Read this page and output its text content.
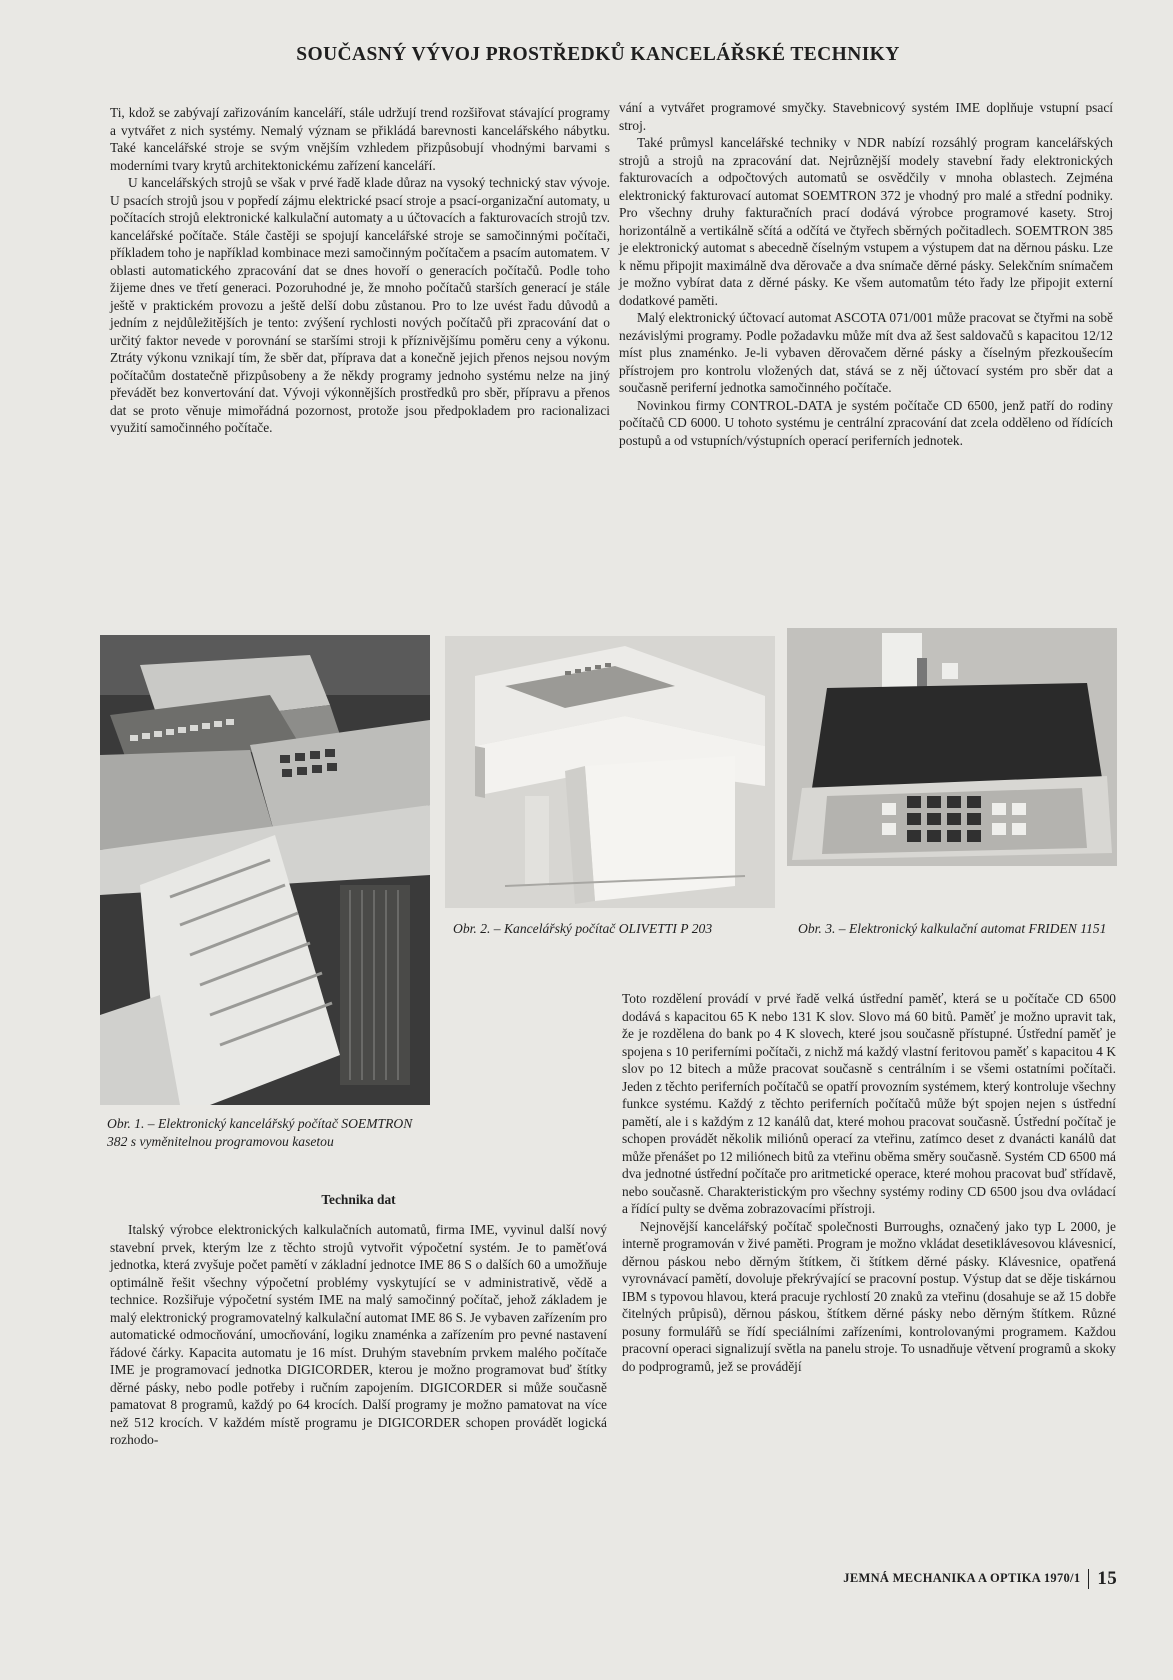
SOUČASNÝ VÝVOJ PROSTŘEDKŮ KANCELÁŘSKÉ TECHNIKY

Ti, kdož se zabývají zařizováním kanceláří, stále udržují trend rozšiřovat stávající programy a vytvářet z nich systémy. Nemalý význam se přikládá barevnosti kancelářského nábytku. Také kancelářské stroje se svým vnějším vzhledem přizpůsobují vhodnými barvami s moderními tvary krytů architektonickému zařízení kanceláří.

U kancelářských strojů se však v prvé řadě klade důraz na vysoký technický stav vývoje. U psacích strojů jsou v popředí zájmu elektrické psací stroje a psací-organizační automaty, u počítacích strojů elektronické kalkulační automaty a u účtovacích a fakturovacích strojů tzv. kancelářské počítače. Stále častěji se spojují kancelářské stroje se samočinnými počítači, příkladem toho je například kombinace mezi samočinným počítačem a psacím automatem. V oblasti automatického zpracování dat se dnes hovoří o generacích počítačů. Podle toho žijeme dnes ve třetí generaci. Pozoruhodné je, že mnoho počítačů starších generací je stále ještě v praktickém provozu a ještě delší dobu zůstanou. Pro to lze uvést řadu důvodů a jedním z nejdůležitějších je tento: zvýšení rychlosti nových počítačů při zpracování dat o určitý faktor nevede v porovnání se staršími stroji k příznivějšímu poměru ceny a výkonu. Ztráty výkonu vznikají tím, že sběr dat, příprava dat a konečně jejich přenos nejsou novým počítačům dostatečně přizpůsobeny a že někdy programy jednoho systému nelze na jiný převádět bez konvertování dat. Vývoji výkonnějších prostředků pro sběr, přípravu a přenos dat se proto věnuje mimořádná pozornost, protože jsou předpokladem pro racionalizaci využití samočinného počítače.

vání a vytvářet programové smyčky. Stavebnicový systém IME doplňuje vstupní psací stroj.

Také průmysl kancelářské techniky v NDR nabízí rozsáhlý program kancelářských strojů a strojů na zpracování dat. Nejrůznější modely stavební řady elektronických fakturovacích a odpočtových automatů se osvědčily v mnoha oblastech. Zejména elektronický fakturovací automat SOEMTRON 372 je vhodný pro malé a střední podniky. Pro všechny druhy fakturačních prací dodává výrobce programové kasety. Stroj horizontálně a vertikálně sčítá a odčítá ve čtyřech sběrných počitadlech. SOEMTRON 385 je elektronický automat s abecedně číselným vstupem a výstupem dat na děrnou pásku. Lze k němu připojit maximálně dva děrovače a dva snímače děrné pásky. Selekčním snímačem je možno vybírat data z děrné pásky. Ke všem automatům této řady lze připojit externí dodatkové paměti.

Malý elektronický účtovací automat ASCOTA 071/001 může pracovat se čtyřmi na sobě nezávislými programy. Podle požadavku může mít dva až šest saldovačů s kapacitou 12/12 míst plus znaménko. Je-li vybaven děrovačem děrné pásky a číselným přezkoušecím přístrojem pro kontrolu vložených dat, stává se z něj účtovací systém pro sběr dat a současně periferní jednotka samočinného počítače.

Novinkou firmy CONTROL-DATA je systém počítače CD 6500, jenž patří do rodiny počítačů CD 6000. U tohoto systému je centrální zpracování dat zcela odděleno od řídících postupů a od vstupních/výstupních operací periferních jednotek.

Obr. 1. – Elektronický kancelářský počítač SOEMTRON 382 s vyměnitelnou programovou kasetou
Obr. 2. – Kancelářský počítač OLIVETTI P 203	Obr. 3. – Elektronický kalkulační automat FRIDEN 1151
Technika dat

Italský výrobce elektronických kalkulačních automatů, firma IME, vyvinul další nový stavební prvek, kterým lze z těchto strojů vytvořit výpočetní systém. Je to paměťová jednotka, která zvyšuje počet pamětí v základní jednotce IME 86 S o dalších 60 a umožňuje optimálně řešit všechny výpočetní problémy vyskytující se v administrativě, vědě a technice. Rozšiřuje výpočetní systém IME na malý samočinný počítač, jehož základem je malý elektronický programovatelný kalkulační automat IME 86 S. Je vybaven zařízením pro automatické odmocňování, umocňování, logiku znaménka a zařízením pro pevné nastavení řádové čárky. Kapacita automatu je 16 míst. Druhým stavebním prvkem malého počítače IME je programovací jednotka DIGICORDER, kterou je možno programovat buď štítky děrné pásky, nebo podle potřeby i ručním zapojením. DIGICORDER si může současně pamatovat 8 programů, každý po 64 krocích. Další programy je možno pamatovat na více než 512 krocích. V každém místě programu je DIGICORDER schopen provádět logická rozhodo-

Toto rozdělení provádí v prvé řadě velká ústřední paměť, která se u počítače CD 6500 dodává s kapacitou 65 K nebo 131 K slov. Slovo má 60 bitů. Paměť je možno upravit tak, že je rozdělena do bank po 4 K slovech, které jsou současně přístupné. Ústřední paměť je spojena s 10 periferními počítači, z nichž má každý vlastní feritovou paměť s kapacitou 4 K slov po 12 bitech a může pracovat současně s centrálním i se všemi ostatními počítači. Jeden z těchto periferních počítačů se opatří provozním systémem, který kontroluje všechny funkce systému. Každý z těchto periferních počítačů může být spojen nejen s ústřední pamětí, ale i s každým z 12 kanálů dat, které mohou pracovat současně. Ústřední počítač je schopen provádět několik miliónů operací za vteřinu, zatímco deset z dvanácti kanálů dat může přenášet po 12 miliónech bitů za vteřinu oběma směry současně. Systém CD 6500 má dva jednotné ústřední počítače pro aritmetické operace, které mohou pracovat buď střídavě, nebo současně. Charakteristickým pro všechny systémy rodiny CD 6500 jsou dva ovládací a řídící pulty se dvěma zobrazovacími přístroji.

Nejnovější kancelářský počítač společnosti Burroughs, označený jako typ L 2000, je interně programován v živé paměti. Program je možno vkládat desetiklávesovou klávesnicí, děrnou páskou nebo děrným štítkem, či štítkem děrné pásky. Klávesnice, opatřená vyrovnávací pamětí, dovoluje překrývající se pracovní postup. Výstup dat se děje tiskárnou IBM s typovou hlavou, která pracuje rychlostí 20 znaků za vteřinu (dosahuje se až 15 dobře čitelných průpisů), děrnou páskou, štítkem děrné pásky nebo děrným štítkem. Různé posuny formulářů se řídí speciálními zařízeními, kontrolovanými programem. Každou pracovní operaci signalizují světla na panelu stroje. To usnadňuje větvení programů a skoky do podprogramů, jež se provádějí

JEMNÁ MECHANIKA A OPTIKA 1970/1 15
